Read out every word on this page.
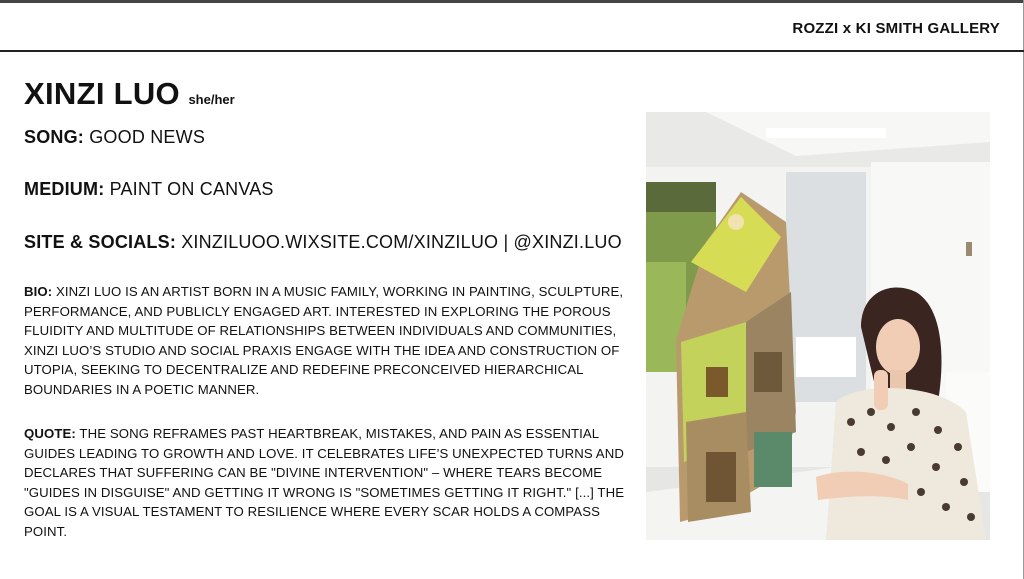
ROZZI x KI SMITH GALLERY
XINZI LUO she/her
SONG: GOOD NEWS
MEDIUM: PAINT ON CANVAS
SITE & SOCIALS: XINZILUOO.WIXSITE.COM/XINZILUO | @XINZI.LUO
BIO: XINZI LUO IS AN ARTIST BORN IN A MUSIC FAMILY, WORKING IN PAINTING, SCULPTURE, PERFORMANCE, AND PUBLICLY ENGAGED ART. INTERESTED IN EXPLORING THE POROUS FLUIDITY AND MULTITUDE OF RELATIONSHIPS BETWEEN INDIVIDUALS AND COMMUNITIES, XINZI LUO’S STUDIO AND SOCIAL PRAXIS ENGAGE WITH THE IDEA AND CONSTRUCTION OF UTOPIA, SEEKING TO DECENTRALIZE AND REDEFINE PRECONCEIVED HIERARCHICAL BOUNDARIES IN A POETIC MANNER.
QUOTE: THE SONG REFRAMES PAST HEARTBREAK, MISTAKES, AND PAIN AS ESSENTIAL GUIDES LEADING TO GROWTH AND LOVE. IT CELEBRATES LIFE’S UNEXPECTED TURNS AND DECLARES THAT SUFFERING CAN BE "DIVINE INTERVENTION" – WHERE TEARS BECOME "GUIDES IN DISGUISE" AND GETTING IT WRONG IS "SOMETIMES GETTING IT RIGHT." [...] THE GOAL IS A VISUAL TESTAMENT TO RESILIENCE WHERE EVERY SCAR HOLDS A COMPASS POINT.
